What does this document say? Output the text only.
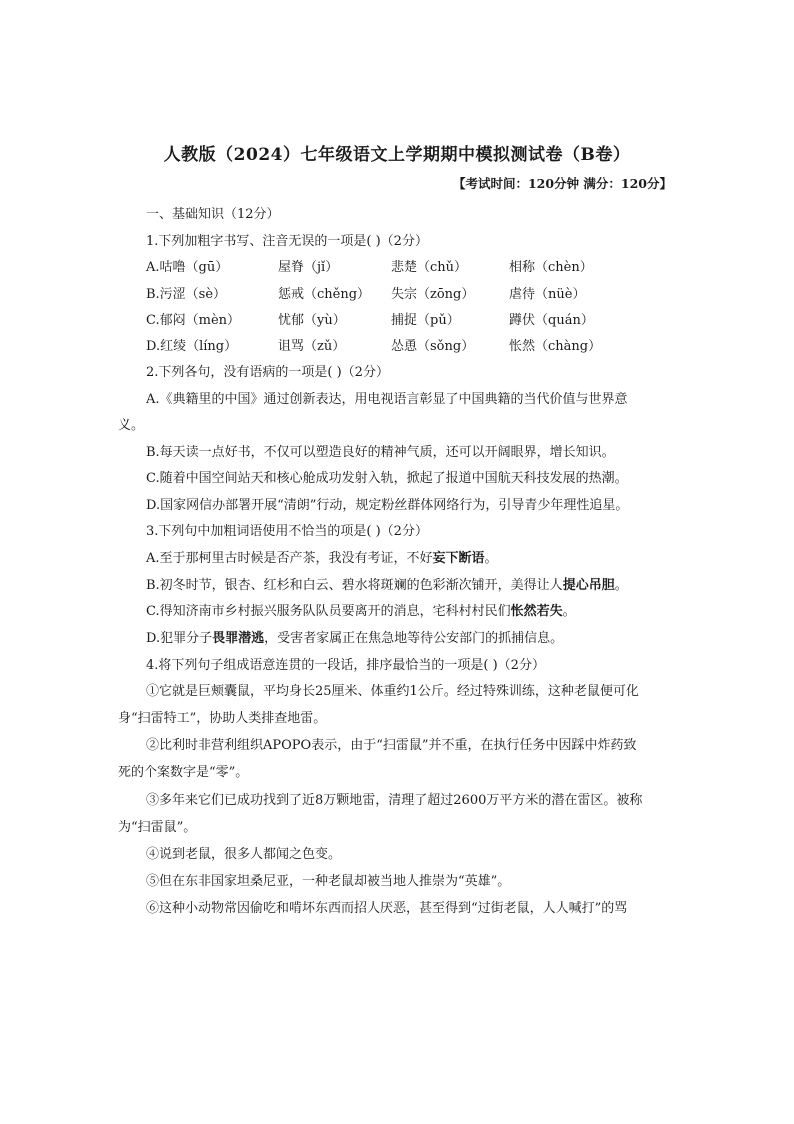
人教版（2024）七年级语文上学期期中模拟测试卷（B卷）
【考试时间：120分钟 满分：120分】
一、基础知识（12分）
1.下列加粗字书写、注音无误的一项是( )（2分）
A.咕噜（gū）	屋脊（jǐ）	悲楚（chǔ）	相称（chèn）
B.污涩（sè）	惩戒（chěng） 失宗（zōng）	虐待（nüè）
C.郁闷（mèn）	忧郁（yù）	捕捉（pǔ）	蹲伏（quán）
D.红绫（líng）	诅骂（zǔ）	怂恿（sǒng）	怅然（chàng）
2.下列各句，没有语病的一项是( )（2分）
A.《典籍里的中国》通过创新表达，用电视语言彰显了中国典籍的当代价值与世界意
义。
B.每天读一点好书，不仅可以塑造良好的精神气质，还可以开阔眼界，增长知识。
C.随着中国空间站天和核心舱成功发射入轨，掀起了报道中国航天科技发展的热潮。
D.国家网信办部署开展“清朗”行动，规定粉丝群体网络行为，引导青少年理性追星。
3.下列句中加粗词语使用不恰当的项是( )（2分）
A.至于那柯里古时候是否产茶，我没有考证，不好妄下断语。
B.初冬时节，银杏、红杉和白云、碧水将斑斓的色彩渐次铺开，美得让人提心吊胆。
C.得知济南市乡村振兴服务队队员要离开的消息，宅科村村民们怅然若失。
D.犯罪分子畏罪潜逃，受害者家属正在焦急地等待公安部门的抓捕信息。
4.将下列句子组成语意连贯的一段话，排序最恰当的一项是( )（2分）
①它就是巨颊囊鼠，平均身长25厘米、体重约1公斤。经过特殊训练，这种老鼠便可化
身“扫雷特工”，协助人类排查地雷。
②比利时非营利组织APOPO表示，由于“扫雷鼠”并不重，在执行任务中因踩中炸药致
死的个案数字是“零”。
③多年来它们已成功找到了近8万颗地雷，清理了超过2600万平方米的潜在雷区。被称
为“扫雷鼠”。
④说到老鼠，很多人都闻之色变。
⑤但在东非国家坦桑尼亚，一种老鼠却被当地人推崇为“英雄”。
⑥这种小动物常因偷吃和啃坏东西而招人厌恶，甚至得到“过街老鼠，人人喊打”的骂
